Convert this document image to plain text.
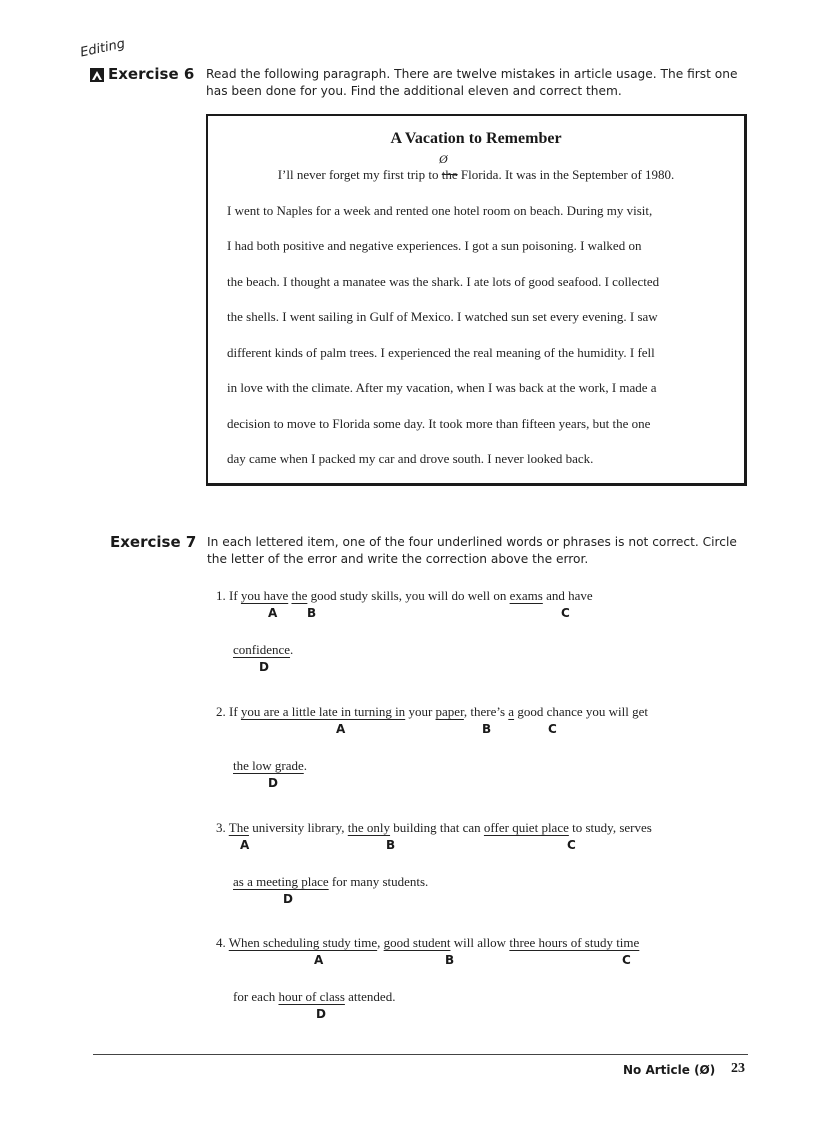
Editing
Exercise 6 Read the following paragraph. There are twelve mistakes in article usage. The first one has been done for you. Find the additional eleven and correct them.
A Vacation to Remember
Ø
I’ll never forget my first trip to the Florida. It was in the September of 1980.
I went to Naples for a week and rented one hotel room on beach. During my visit,
I had both positive and negative experiences. I got a sun poisoning. I walked on
the beach. I thought a manatee was the shark. I ate lots of good seafood. I collected
the shells. I went sailing in Gulf of Mexico. I watched sun set every evening. I saw
different kinds of palm trees. I experienced the real meaning of the humidity. I fell
in love with the climate. After my vacation, when I was back at the work, I made a
decision to move to Florida some day. It took more than fifteen years, but the one
day came when I packed my car and drove south. I never looked back.
Exercise 7 In each lettered item, one of the four underlined words or phrases is not correct. Circle the letter of the error and write the correction above the error.
1. If you have the good study skills, you will do well on exams and have
A B	C
confidence.
D
2. If you are a little late in turning in your paper, there’s a good chance you will get
A	B	C
the low grade.
D
3. The university library, the only building that can offer quiet place to study, serves
A	B	C
as a meeting place for many students.
D
4. When scheduling study time, good student will allow three hours of study time
A	B	C
for each hour of class attended.
D
No Article (Ø) 23
